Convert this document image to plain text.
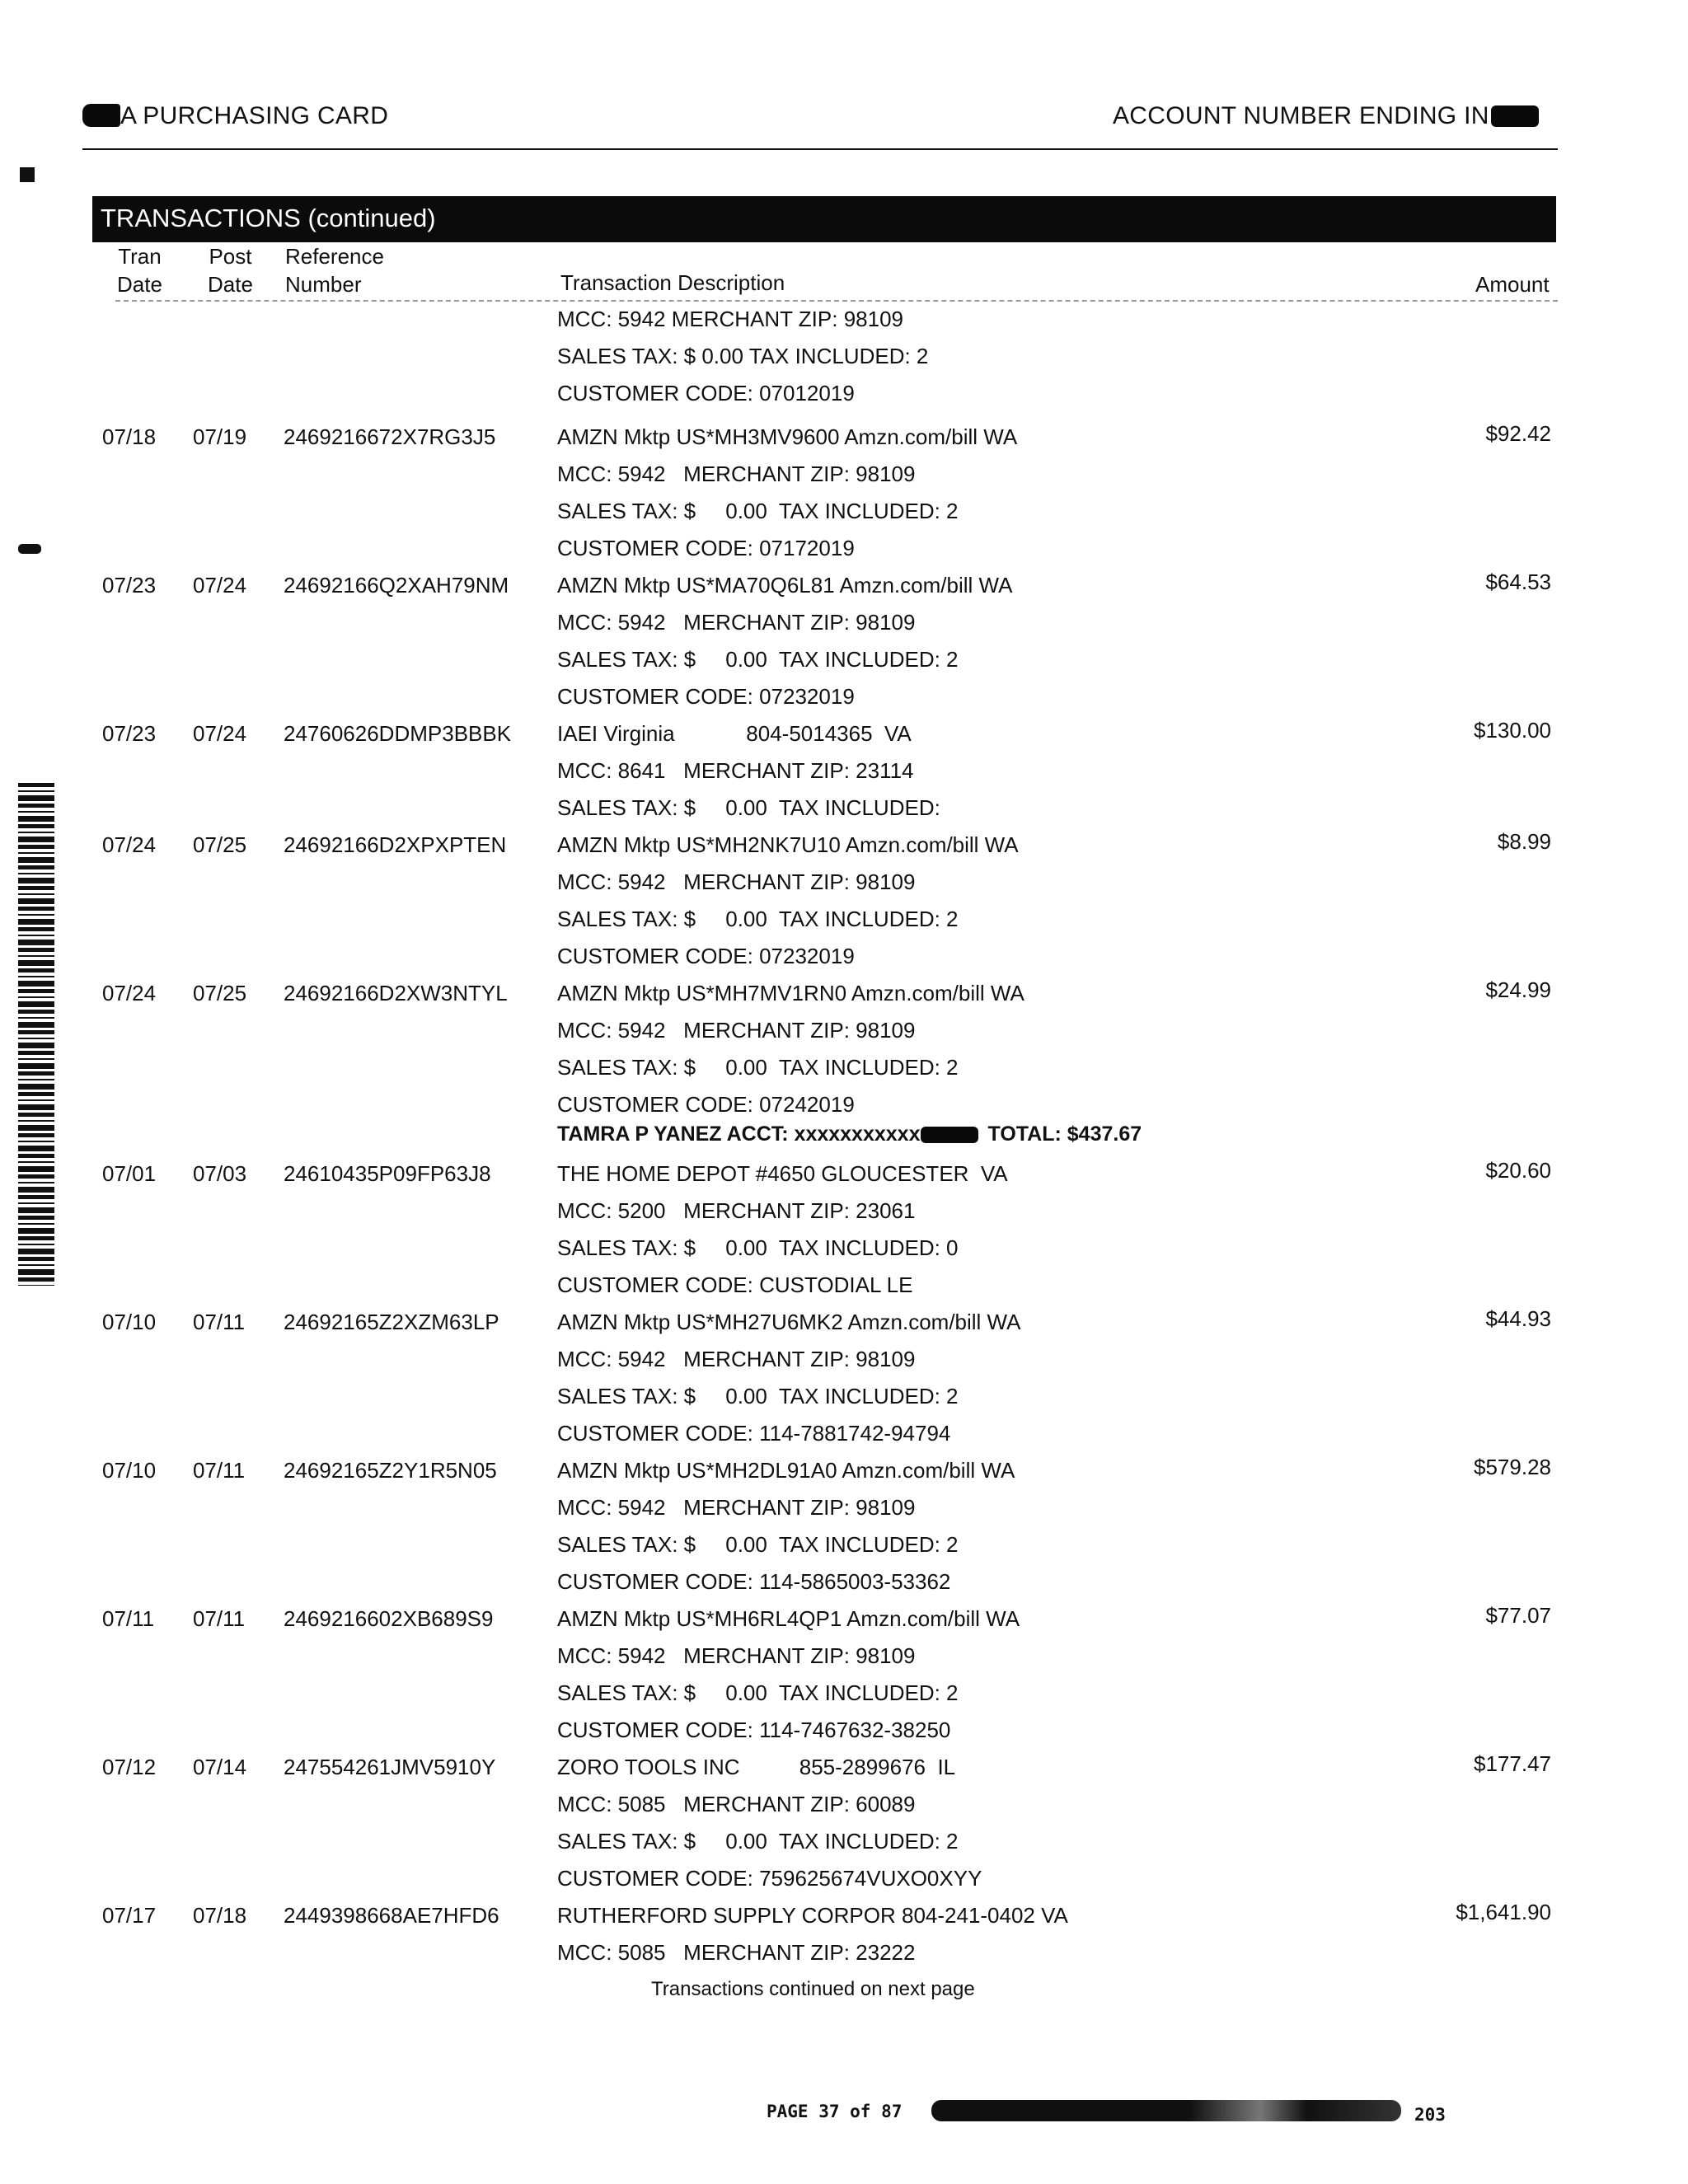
A PURCHASING CARD	ACCOUNT NUMBER ENDING IN
TRANSACTIONS (continued)
Tran
Date
Post
Date
Reference
Number	Transaction Description	Amount
MCC: 5942 MERCHANT ZIP: 98109
SALES TAX: $ 0.00 TAX INCLUDED: 2
CUSTOMER CODE: 07012019
07/18 07/19 2469216672X7RG3J5	AMZN Mktp US*MH3MV9600 Amzn.com/bill WA	$92.42
MCC: 5942   MERCHANT ZIP: 98109
SALES TAX: $     0.00  TAX INCLUDED: 2
CUSTOMER CODE: 07172019
07/23 07/24 24692166Q2XAH79NM AMZN Mktp US*MA70Q6L81 Amzn.com/bill WA	$64.53
MCC: 5942   MERCHANT ZIP: 98109
SALES TAX: $     0.00  TAX INCLUDED: 2
CUSTOMER CODE: 07232019
07/23 07/24 24760626DDMP3BBBK IAEI Virginia            804-5014365  VA	$130.00
MCC: 8641   MERCHANT ZIP: 23114
SALES TAX: $     0.00  TAX INCLUDED:
07/24 07/25 24692166D2XPXPTEN AMZN Mktp US*MH2NK7U10 Amzn.com/bill WA	$8.99
MCC: 5942   MERCHANT ZIP: 98109
SALES TAX: $     0.00  TAX INCLUDED: 2
CUSTOMER CODE: 07232019
07/24 07/25 24692166D2XW3NTYL AMZN Mktp US*MH7MV1RN0 Amzn.com/bill WA	$24.99
MCC: 5942   MERCHANT ZIP: 98109
SALES TAX: $     0.00  TAX INCLUDED: 2
CUSTOMER CODE: 07242019
TAMRA P YANEZ ACCT: xxxxxxxxxxx	TOTAL: $437.67
07/01 07/03 24610435P09FP63J8	THE HOME DEPOT #4650 GLOUCESTER  VA	$20.60
MCC: 5200   MERCHANT ZIP: 23061
SALES TAX: $     0.00  TAX INCLUDED: 0
CUSTOMER CODE: CUSTODIAL LE
07/10 07/11 24692165Z2XZM63LP	AMZN Mktp US*MH27U6MK2 Amzn.com/bill WA	$44.93
MCC: 5942   MERCHANT ZIP: 98109
SALES TAX: $     0.00  TAX INCLUDED: 2
CUSTOMER CODE: 114-7881742-94794
07/10 07/11 24692165Z2Y1R5N05	AMZN Mktp US*MH2DL91A0 Amzn.com/bill WA	$579.28
MCC: 5942   MERCHANT ZIP: 98109
SALES TAX: $     0.00  TAX INCLUDED: 2
CUSTOMER CODE: 114-5865003-53362
07/11 07/11 2469216602XB689S9	AMZN Mktp US*MH6RL4QP1 Amzn.com/bill WA	$77.07
MCC: 5942   MERCHANT ZIP: 98109
SALES TAX: $     0.00  TAX INCLUDED: 2
CUSTOMER CODE: 114-7467632-38250
07/12 07/14 247554261JMV5910Y	ZORO TOOLS INC          855-2899676  IL	$177.47
MCC: 5085   MERCHANT ZIP: 60089
SALES TAX: $     0.00  TAX INCLUDED: 2
CUSTOMER CODE: 759625674VUXO0XYY
07/17 07/18 2449398668AE7HFD6	RUTHERFORD SUPPLY CORPOR 804-241-0402 VA	$1,641.90
MCC: 5085   MERCHANT ZIP: 23222
Transactions continued on next page
PAGE 37 of 87	203
